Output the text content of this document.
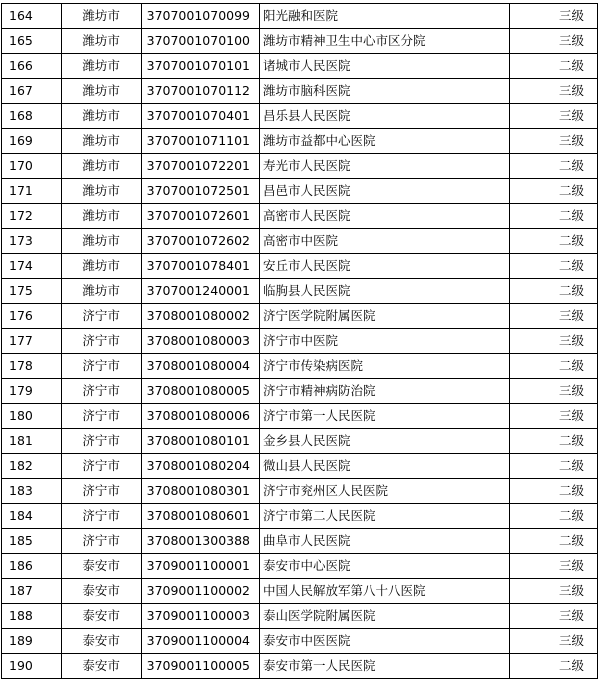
164	潍坊市	3707001070099	阳光融和医院	三级
165	潍坊市	3707001070100	潍坊市精神卫生中心市区分院	三级
166	潍坊市	3707001070101	诸城市人民医院	二级
167	潍坊市	3707001070112	潍坊市脑科医院	三级
168	潍坊市	3707001070401	昌乐县人民医院	三级
169	潍坊市	3707001071101	潍坊市益都中心医院	三级
170	潍坊市	3707001072201	寿光市人民医院	二级
171	潍坊市	3707001072501	昌邑市人民医院	二级
172	潍坊市	3707001072601	高密市人民医院	二级
173	潍坊市	3707001072602	高密市中医院	二级
174	潍坊市	3707001078401	安丘市人民医院	二级
175	潍坊市	3707001240001	临朐县人民医院	二级
176	济宁市	3708001080002	济宁医学院附属医院	三级
177	济宁市	3708001080003	济宁市中医院	三级
178	济宁市	3708001080004	济宁市传染病医院	二级
179	济宁市	3708001080005	济宁市精神病防治院	三级
180	济宁市	3708001080006	济宁市第一人民医院	三级
181	济宁市	3708001080101	金乡县人民医院	二级
182	济宁市	3708001080204	微山县人民医院	二级
183	济宁市	3708001080301	济宁市兖州区人民医院	二级
184	济宁市	3708001080601	济宁市第二人民医院	二级
185	济宁市	3708001300388	曲阜市人民医院	二级
186	泰安市	3709001100001	泰安市中心医院	三级
187	泰安市	3709001100002	中国人民解放军第八十八医院	三级
188	泰安市	3709001100003	泰山医学院附属医院	三级
189	泰安市	3709001100004	泰安市中医医院	三级
190	泰安市	3709001100005	泰安市第一人民医院	二级
